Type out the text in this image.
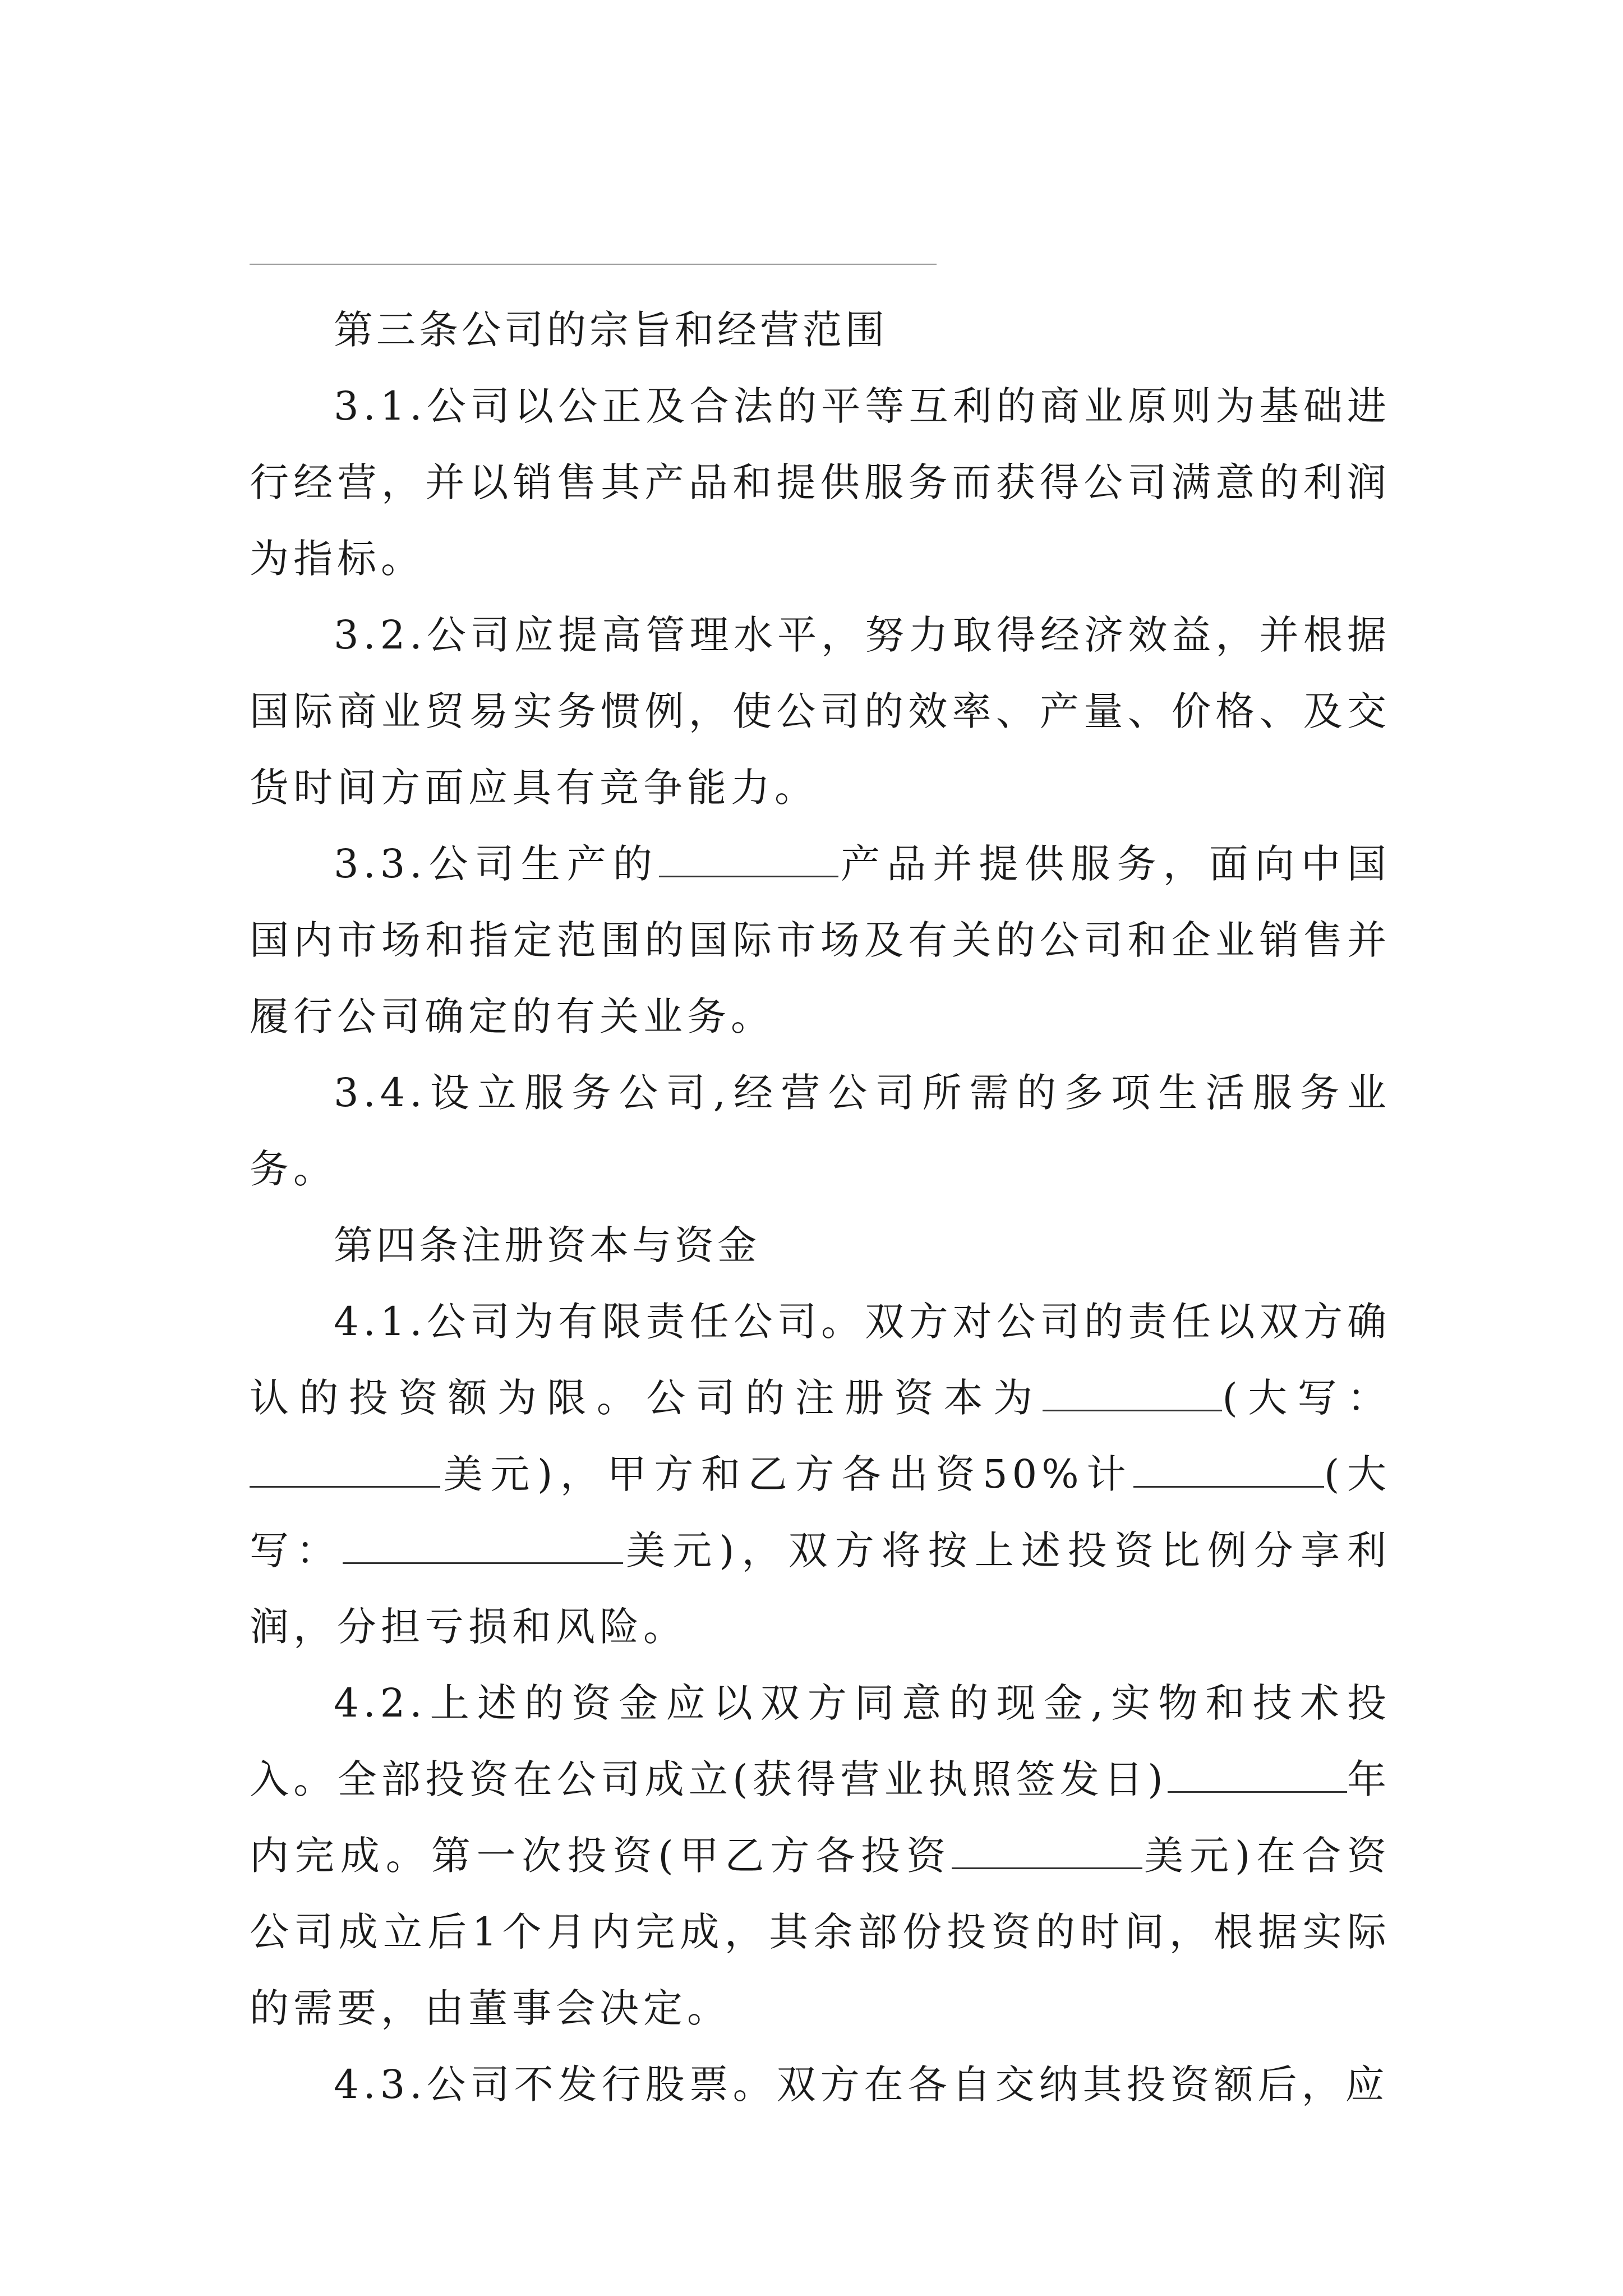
第三条公司的宗旨和经营范围

3.1.公司以公正及合法的平等互利的商业原则为基础进行经营，并以销售其产品和提供服务而获得公司满意的利润为指标。

3.2.公司应提高管理水平，努力取得经济效益，并根据国际商业贸易实务惯例，使公司的效率、产量、价格、及交货时间方面应具有竞争能力。

3.3.公司生产的	产品并提供服务，面向中国国内市场和指定范围的国际市场及有关的公司和企业销售并履行公司确定的有关业务。

3.4.设立服务公司,经营公司所需的多项生活服务业务。

第四条注册资本与资金

4.1.公司为有限责任公司。双方对公司的责任以双方确认的投资额为限。公司的注册资本为	(大写：美元)，甲方和乙方各出资50%计	(大写：	美元)，双方将按上述投资比例分享利润，分担亏损和风险。

4.2.上述的资金应以双方同意的现金,实物和技术投入。全部投资在公司成立(获得营业执照签发日)	年内完成。第一次投资(甲乙方各投资	美元)在合资公司成立后1个月内完成，其余部份投资的时间，根据实际的需要，由董事会决定。

4.3.公司不发行股票。双方在各自交纳其投资额后，应
